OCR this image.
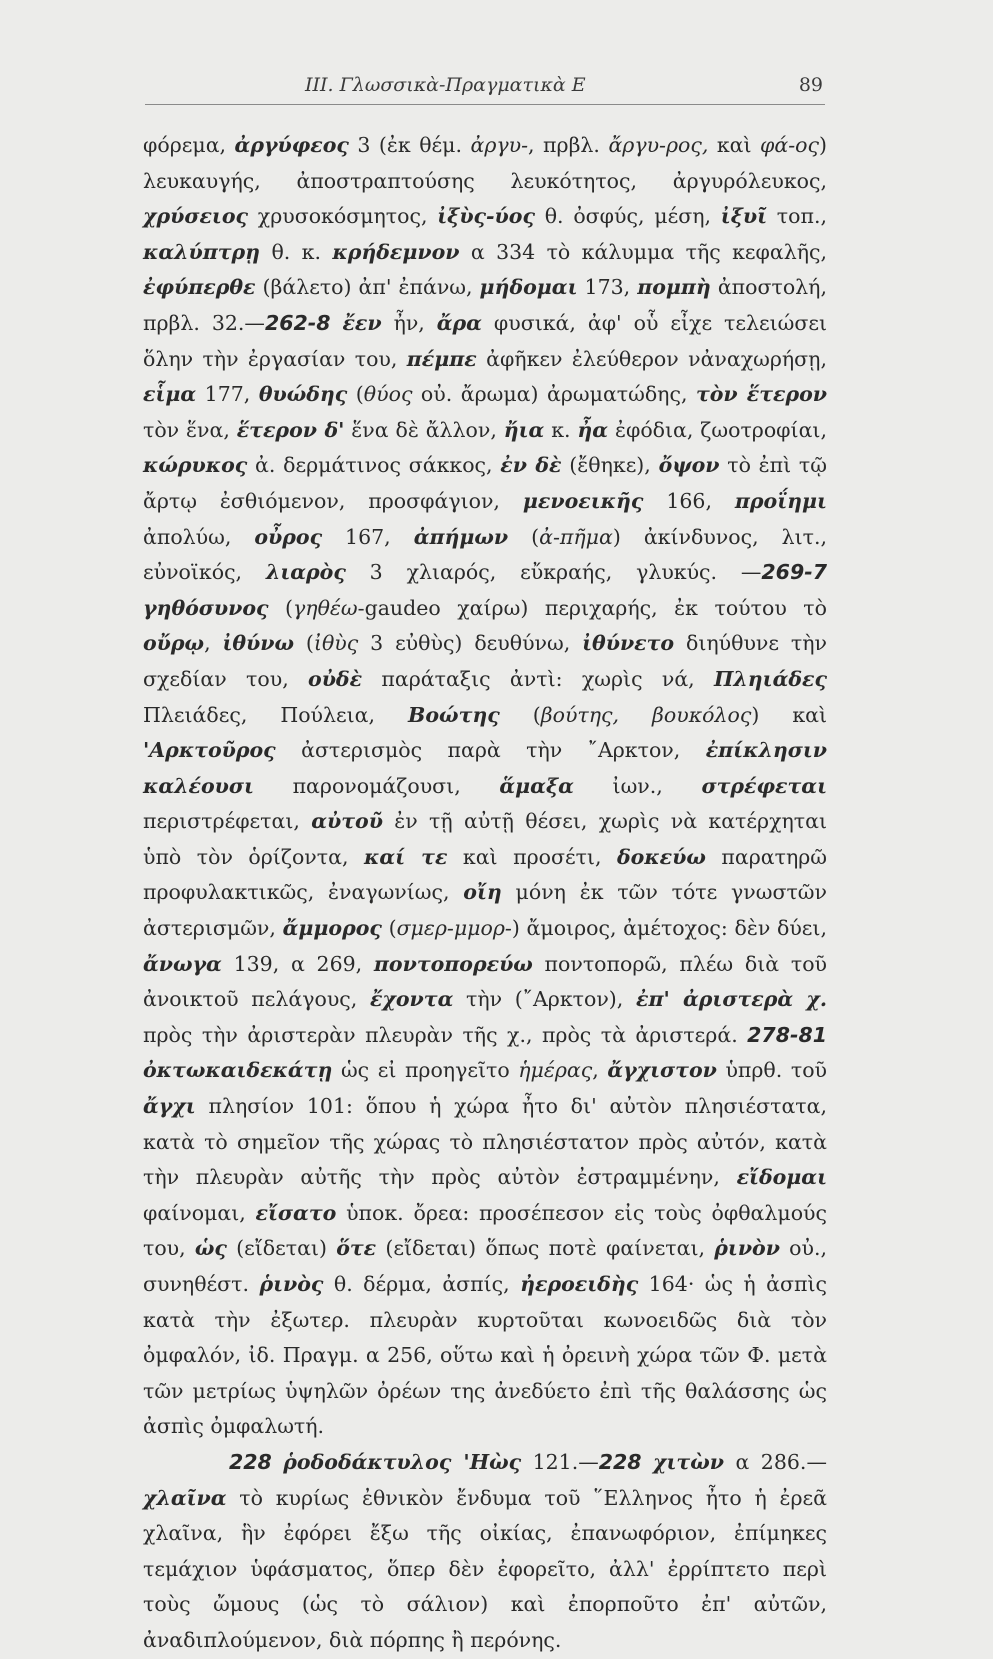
ΙΙΙ. Γλωσσικὰ-Πραγματικὰ Ε	89

φόρεμα, ἀργύφεος 3 (ἐκ θέμ. ἀργυ-, πρβλ. ἄργυ-ρος, καὶ φά-ος) λευκαυγής, ἀποστραπτούσης λευκότητος, ἀργυρόλευκος, χρύσειος χρυσοκόσμητος, ἰξὺς-ύος θ. ὀσφύς, μέση, ἰξυῖ τοπ., καλύπτρῃ θ. κ. κρήδεμνον α 334 τὸ κάλυμμα τῆς κεφαλῆς, ἐφύπερθε (βάλετο) ἀπ' ἐπάνω, μήδομαι 173, πομπὴ ἀποστολή, πρβλ. 32.—262-8 ἔεν ἦν, ἄρα φυσικά, ἀφ' οὗ εἶχε τελειώσει ὅλην τὴν ἐργασίαν του, πέμπε ἀφῆκεν ἐλεύθερον νἀναχωρήσῃ, εἷμα 177, θυώδης (θύος οὐ. ἄρωμα) ἀρωματώδης, τὸν ἕτερον τὸν ἕνα, ἕτερον δ' ἕνα δὲ ἄλλον, ἤια κ. ἦα ἐφόδια, ζωοτροφίαι, κώρυκος ἀ. δερμάτινος σάκκος, ἐν δὲ (ἔθηκε), ὄψον τὸ ἐπὶ τῷ ἄρτῳ ἐσθιόμενον, προσφάγιον, μενοεικῆς 166, προΐημι ἀπολύω, οὖρος 167, ἀπήμων (ἀ-πῆμα) ἀκίνδυνος, λιτ., εὐνοϊκός, λιαρὸς 3 χλιαρός, εὔκραής, γλυκύς. —269-7 γηθόσυνος (γηθέω-gaudeo χαίρω) περιχαρής, ἐκ τούτου τὸ οὔρῳ, ἰθύνω (ἰθὺς 3 εὐθὺς) δευθύνω, ἰθύνετο διηύθυνε τὴν σχεδίαν του, οὐδὲ παράταξις ἀντὶ: χωρὶς νά, Πληιάδες Πλειάδες, Πούλεια, Βοώτης (βούτης, βουκόλος) καὶ 'Αρκτοῦρος ἀστερισμὸς παρὰ τὴν ῎Αρκτον, ἐπίκλησιν καλέουσι παρονομάζουσι, ἅμαξα ἰων., στρέφεται περιστρέφεται, αὐτοῦ ἐν τῇ αὐτῇ θέσει, χωρὶς νὰ κατέρχηται ὑπὸ τὸν ὁρίζοντα, καί τε καὶ προσέτι, δοκεύω παρατηρῶ προφυλακτικῶς, ἐναγωνίως, οἴη μόνη ἐκ τῶν τότε γνωστῶν ἀστερισμῶν, ἄμμορος (σμερ-μμορ-) ἄμοιρος, ἀμέτοχος: δὲν δύει, ἄνωγα 139, α 269, ποντοπορεύω ποντοπορῶ, πλέω διὰ τοῦ ἀνοικτοῦ πελάγους, ἔχοντα τὴν (῎Αρκτον), ἐπ' ἀριστερὰ χ. πρὸς τὴν ἀριστερὰν πλευρὰν τῆς χ., πρὸς τὰ ἀριστερά. 278-81 ὀκτωκαιδεκάτῃ ὡς εἰ προηγεῖτο ἡμέρας, ἄγχιστον ὑπρθ. τοῦ ἄγχι πλησίον 101: ὅπου ἡ χώρα ἦτο δι' αὐτὸν πλησιέστατα, κατὰ τὸ σημεῖον τῆς χώρας τὸ πλησιέστατον πρὸς αὐτόν, κατὰ τὴν πλευρὰν αὐτῆς τὴν πρὸς αὐτὸν ἐστραμμένην, εἴδομαι φαίνομαι, εἴσατο ὑποκ. ὄρεα: προσέπεσον εἰς τοὺς ὀφθαλμούς του, ὡς (εἴδεται) ὅτε (εἴδεται) ὅπως ποτὲ φαίνεται, ῥινὸν οὐ., συνηθέστ. ῥινὸς θ. δέρμα, ἀσπίς, ἠεροειδὴς 164· ὡς ἡ ἀσπὶς κατὰ τὴν ἐξωτερ. πλευρὰν κυρτοῦται κωνοειδῶς διὰ τὸν ὀμφαλόν, ἰδ. Πραγμ. α 256, οὕτω καὶ ἡ ὀρεινὴ χώρα τῶν Φ. μετὰ τῶν μετρίως ὑψηλῶν ὀρέων της ἀνεδύετο ἐπὶ τῆς θαλάσσης ὡς ἀσπὶς ὀμφαλωτή.

228 ῥοδοδάκτυλος 'Ηὼς 121.—228 χιτὼν α 286.—χλαῖνα τὸ κυρίως ἐθνικὸν ἔνδυμα τοῦ ῞Ελληνος ἦτο ἡ ἐρεᾶ χλαῖνα, ἣν ἐφόρει ἔξω τῆς οἰκίας, ἐπανωφόριον, ἐπίμηκες τεμάχιον ὑφάσματος, ὅπερ δὲν ἐφορεῖτο, ἀλλ' ἐρρίπτετο περὶ τοὺς ὤμους (ὡς τὸ σάλιον) καὶ ἐπορποῦτο ἐπ' αὐτῶν, ἀναδιπλούμενον, διὰ πόρπης ἢ περόνης.
